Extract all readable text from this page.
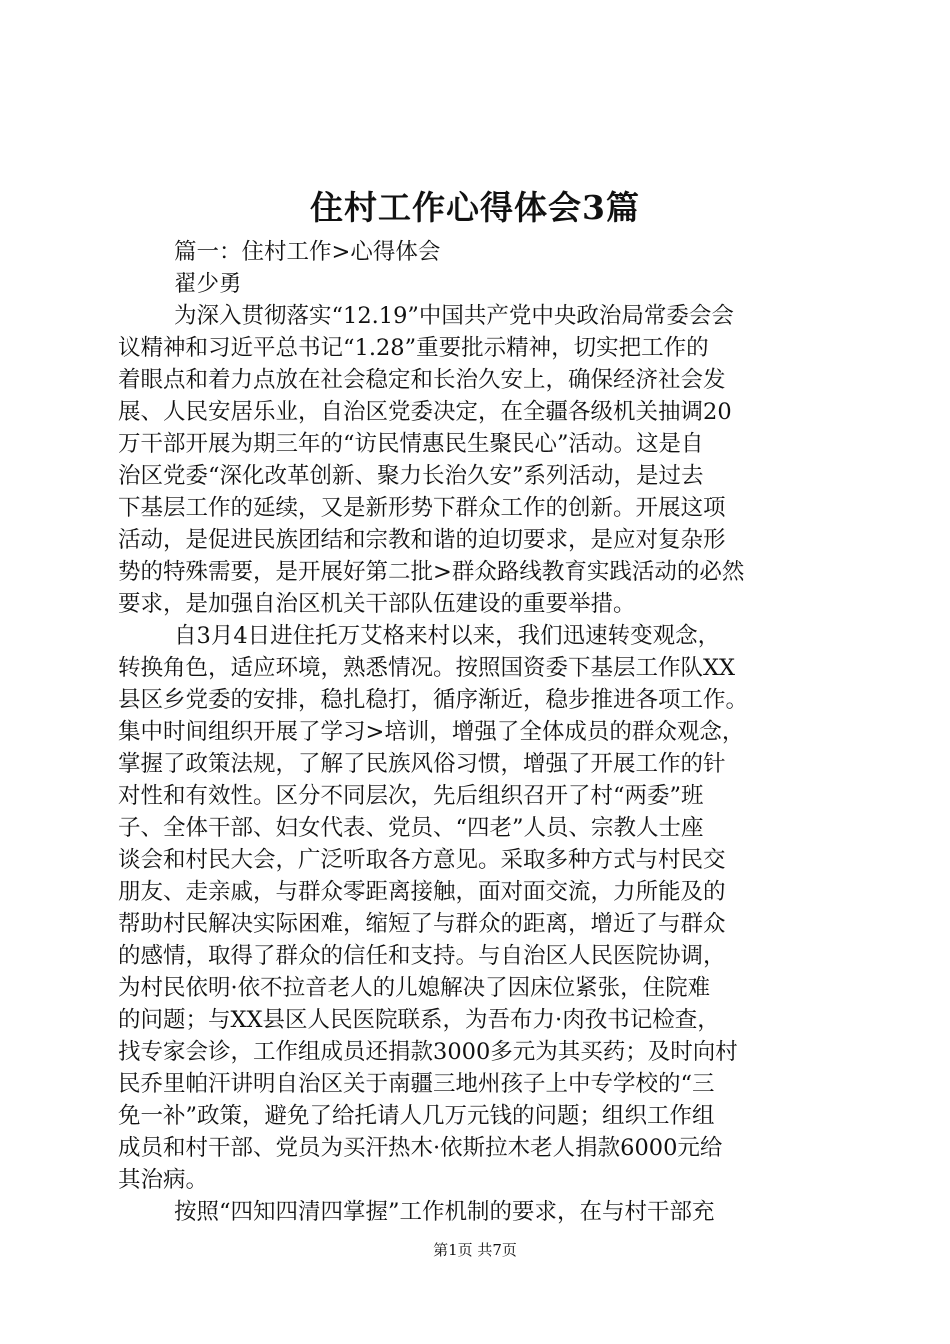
住村工作心得体会3篇
篇一：住村工作>心得体会
翟少勇
为深入贯彻落实“12.19”中国共产党中央政治局常委会会
议精神和习近平总书记“1.28”重要批示精神，切实把工作的
着眼点和着力点放在社会稳定和长治久安上，确保经济社会发
展、人民安居乐业，自治区党委决定，在全疆各级机关抽调20
万干部开展为期三年的“访民情惠民生聚民心”活动。这是自
治区党委“深化改革创新、聚力长治久安”系列活动，是过去
下基层工作的延续，又是新形势下群众工作的创新。开展这项
活动，是促进民族团结和宗教和谐的迫切要求，是应对复杂形
势的特殊需要，是开展好第二批>群众路线教育实践活动的必然
要求，是加强自治区机关干部队伍建设的重要举措。
自3月4日进住托万艾格来村以来，我们迅速转变观念，
转换角色，适应环境，熟悉情况。按照国资委下基层工作队XX
县区乡党委的安排，稳扎稳打，循序渐近，稳步推进各项工作。
集中时间组织开展了学习>培训，增强了全体成员的群众观念，
掌握了政策法规，了解了民族风俗习惯，增强了开展工作的针
对性和有效性。区分不同层次，先后组织召开了村“两委”班
子、全体干部、妇女代表、党员、“四老”人员、宗教人士座
谈会和村民大会，广泛听取各方意见。采取多种方式与村民交
朋友、走亲戚，与群众零距离接触，面对面交流，力所能及的
帮助村民解决实际困难，缩短了与群众的距离，增近了与群众
的感情，取得了群众的信任和支持。与自治区人民医院协调，
为村民依明·依不拉音老人的儿媳解决了因床位紧张，住院难
的问题；与XX县区人民医院联系，为吾布力·肉孜书记检查，
找专家会诊，工作组成员还捐款3000多元为其买药；及时向村
民乔里帕汗讲明自治区关于南疆三地州孩子上中专学校的“三
免一补”政策，避免了给托请人几万元钱的问题；组织工作组
成员和村干部、党员为买汗热木·依斯拉木老人捐款6000元给
其治病。
按照“四知四清四掌握”工作机制的要求，在与村干部充
第1页 共7页
